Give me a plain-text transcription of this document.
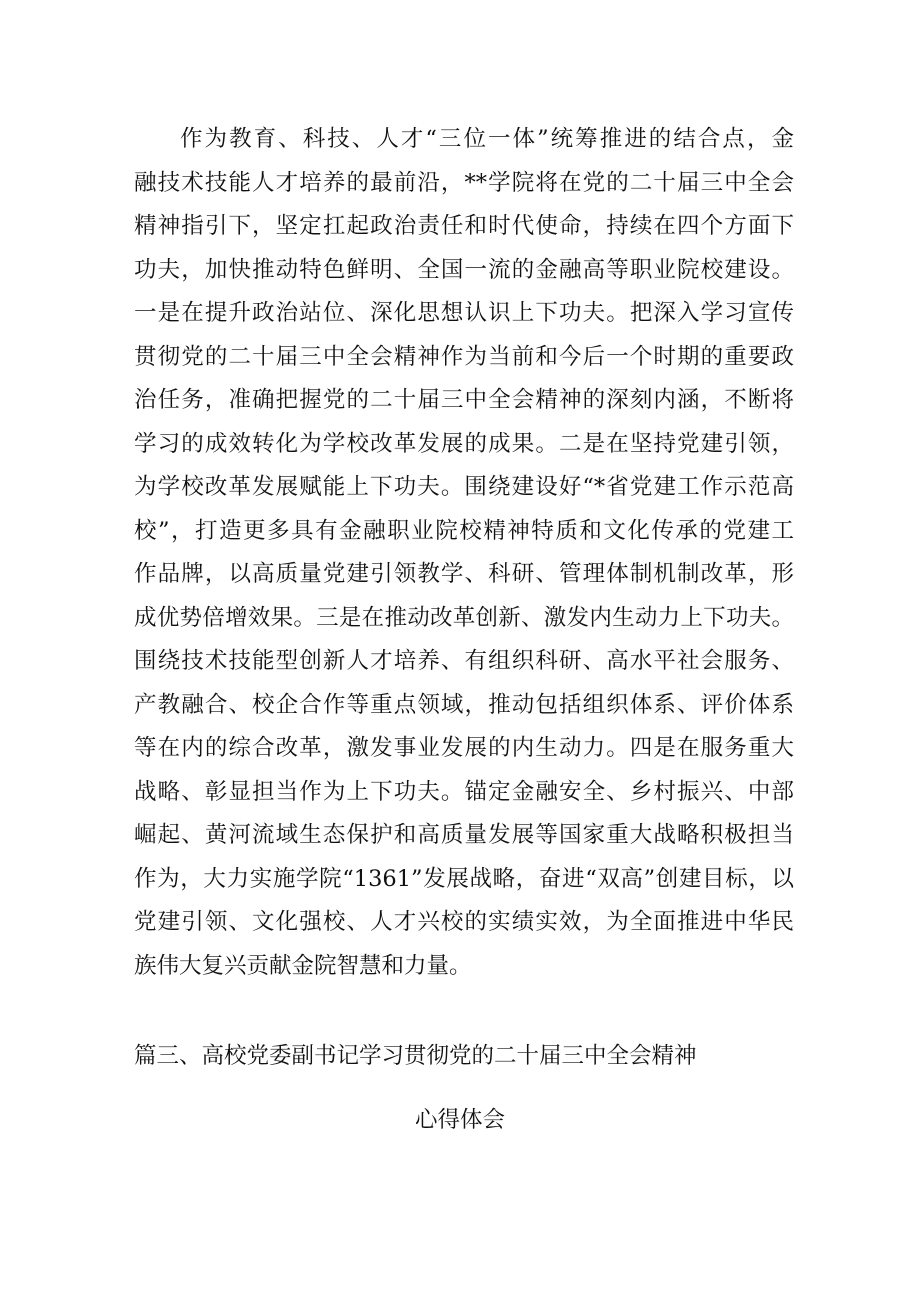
作为教育、科技、人才“三位一体”统筹推进的结合点，金
融技术技能人才培养的最前沿，**学院将在党的二十届三中全会
精神指引下，坚定扛起政治责任和时代使命，持续在四个方面下
功夫，加快推动特色鲜明、全国一流的金融高等职业院校建设。
一是在提升政治站位、深化思想认识上下功夫。把深入学习宣传
贯彻党的二十届三中全会精神作为当前和今后一个时期的重要政
治任务，准确把握党的二十届三中全会精神的深刻内涵，不断将
学习的成效转化为学校改革发展的成果。二是在坚持党建引领，
为学校改革发展赋能上下功夫。围绕建设好“*省党建工作示范高
校”，打造更多具有金融职业院校精神特质和文化传承的党建工
作品牌，以高质量党建引领教学、科研、管理体制机制改革，形
成优势倍增效果。三是在推动改革创新、激发内生动力上下功夫。
围绕技术技能型创新人才培养、有组织科研、高水平社会服务、
产教融合、校企合作等重点领域，推动包括组织体系、评价体系
等在内的综合改革，激发事业发展的内生动力。四是在服务重大
战略、彰显担当作为上下功夫。锚定金融安全、乡村振兴、中部
崛起、黄河流域生态保护和高质量发展等国家重大战略积极担当
作为，大力实施学院“1361”发展战略，奋进“双高”创建目标，以
党建引领、文化强校、人才兴校的实绩实效，为全面推进中华民
族伟大复兴贡献金院智慧和力量。
篇三、高校党委副书记学习贯彻党的二十届三中全会精神
心得体会
